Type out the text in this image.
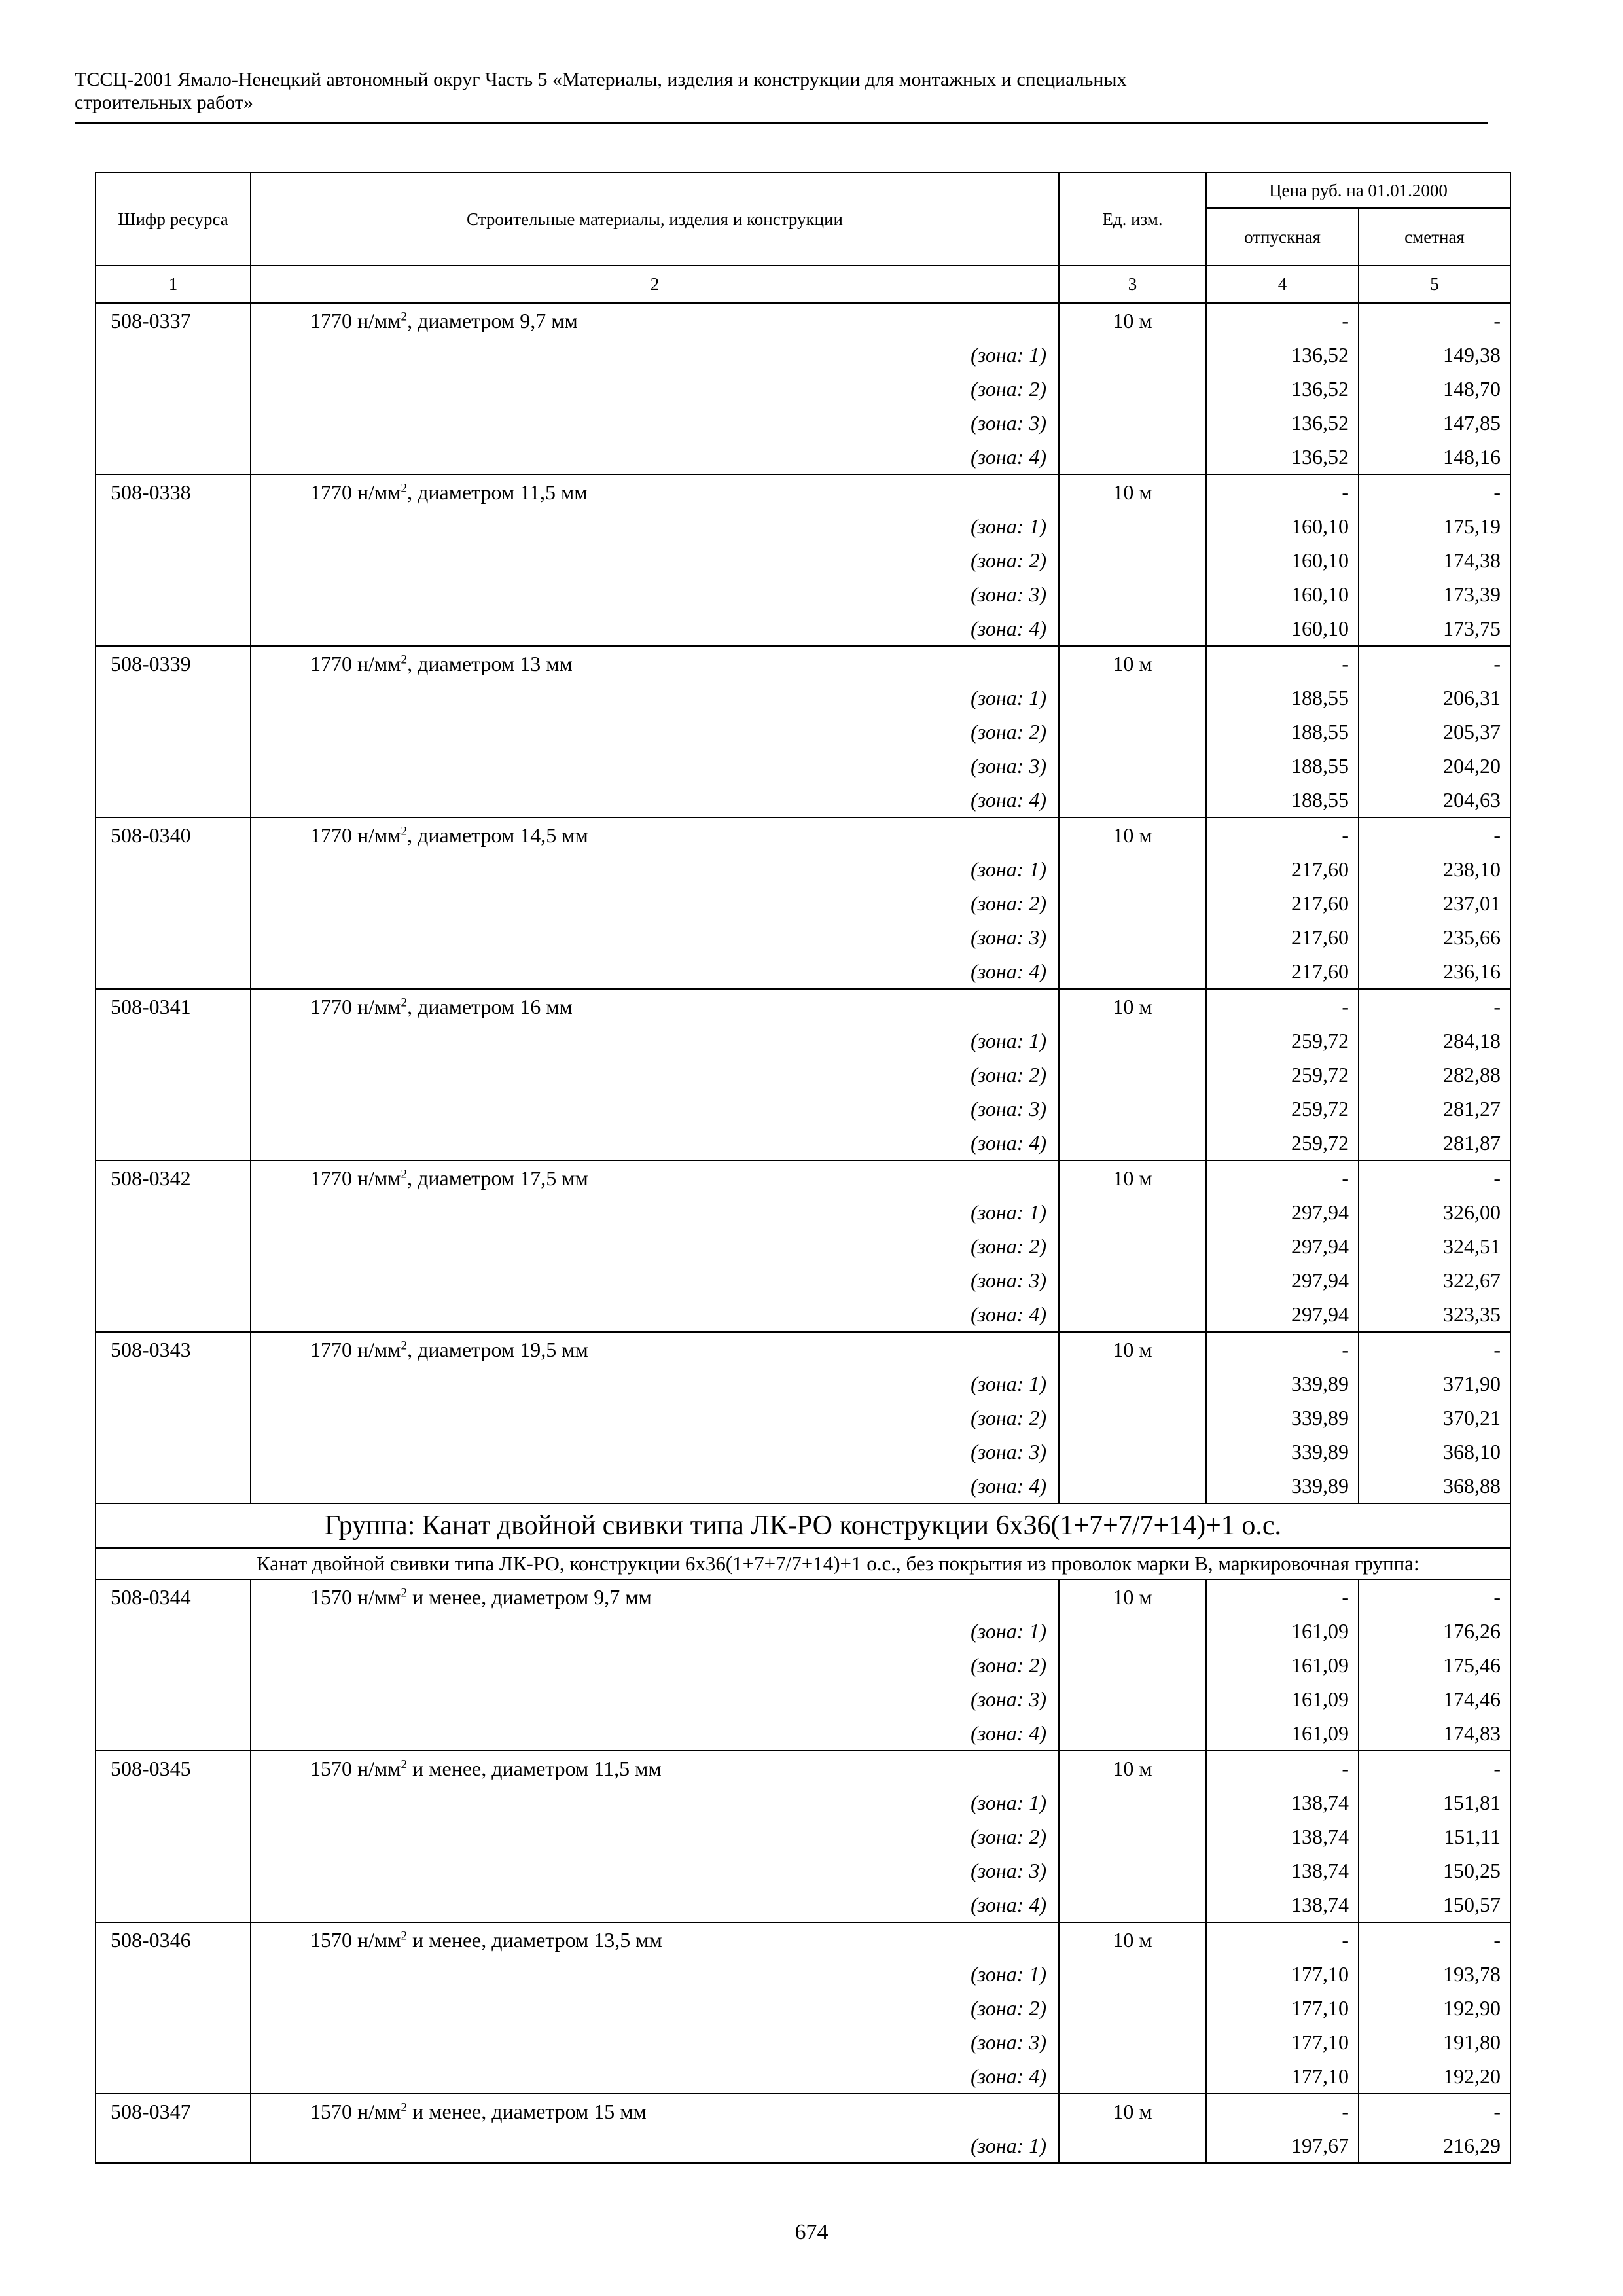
ТССЦ-2001 Ямало-Ненецкий автономный округ Часть 5 «Материалы, изделия и конструкции для монтажных и специальных
строительных работ»
Шифр ресурса	Строительные материалы, изделия и конструкции	Ед. изм.	Цена руб. на 01.01.2000	
			отпускная	сметная
1	2	3	4	5
508-0337	1770 $н/мм^2$, диаметром 9,7 мм	10 м	-	-
	(зона: 1)		136,52	149,38
	(зона: 2)		136,52	148,70
	(зона: 3)		136,52	147,85
	(зона: 4)		136,52	148,16
508-0338	1770 $н/мм^2$, диаметром 11,5 мм	10 м	-	-
	(зона: 1)		160,10	175,19
	(зона: 2)		160,10	174,38
	(зона: 3)		160,10	173,39
	(зона: 4)		160,10	173,75
508-0339	1770 $н/мм^2$, диаметром 13 мм	10 м	-	-
	(зона: 1)		188,55	206,31
	(зона: 2)		188,55	205,37
	(зона: 3)		188,55	204,20
	(зона: 4)		188,55	204,63
508-0340	1770 $н/мм^2$, диаметром 14,5 мм	10 м	-	-
	(зона: 1)		217,60	238,10
	(зона: 2)		217,60	237,01
	(зона: 3)		217,60	235,66
	(зона: 4)		217,60	236,16
508-0341	1770 $н/мм^2$, диаметром 16 мм	10 м	-	-
	(зона: 1)		259,72	284,18
	(зона: 2)		259,72	282,88
	(зона: 3)		259,72	281,27
	(зона: 4)		259,72	281,87
508-0342	1770 $н/мм^2$, диаметром 17,5 мм	10 м	-	-
	(зона: 1)		297,94	326,00
	(зона: 2)		297,94	324,51
	(зона: 3)		297,94	322,67
	(зона: 4)		297,94	323,35
508-0343	1770 $н/мм^2$, диаметром 19,5 мм	10 м	-	-
	(зона: 1)		339,89	371,90
	(зона: 2)		339,89	370,21
	(зона: 3)		339,89	368,10
	(зона: 4)		339,89	368,88
Группа: Канат двойной свивки типа ЛК-РО конструкции 6х36(1+7+7/7+14)+1 о.с.				
Канат двойной свивки типа ЛК-РО, конструкции 6х36(1+7+7/7+14)+1 о.с., без покрытия из проволок марки В, маркировочная группа:				
508-0344	1570 $н/мм^2$ и менее, диаметром 9,7 мм	10 м	-	-
	(зона: 1)		161,09	176,26
	(зона: 2)		161,09	175,46
	(зона: 3)		161,09	174,46
	(зона: 4)		161,09	174,83
508-0345	1570 $н/мм^2$ и менее, диаметром 11,5 мм	10 м	-	-
	(зона: 1)		138,74	151,81
	(зона: 2)		138,74	151,11
	(зона: 3)		138,74	150,25
	(зона: 4)		138,74	150,57
508-0346	1570 $н/мм^2$ и менее, диаметром 13,5 мм	10 м	-	-
	(зона: 1)		177,10	193,78
	(зона: 2)		177,10	192,90
	(зона: 3)		177,10	191,80
	(зона: 4)		177,10	192,20
508-0347	1570 $н/мм^2$ и менее, диаметром 15 мм	10 м	-	-
	(зона: 1)		197,67	216,29
674
